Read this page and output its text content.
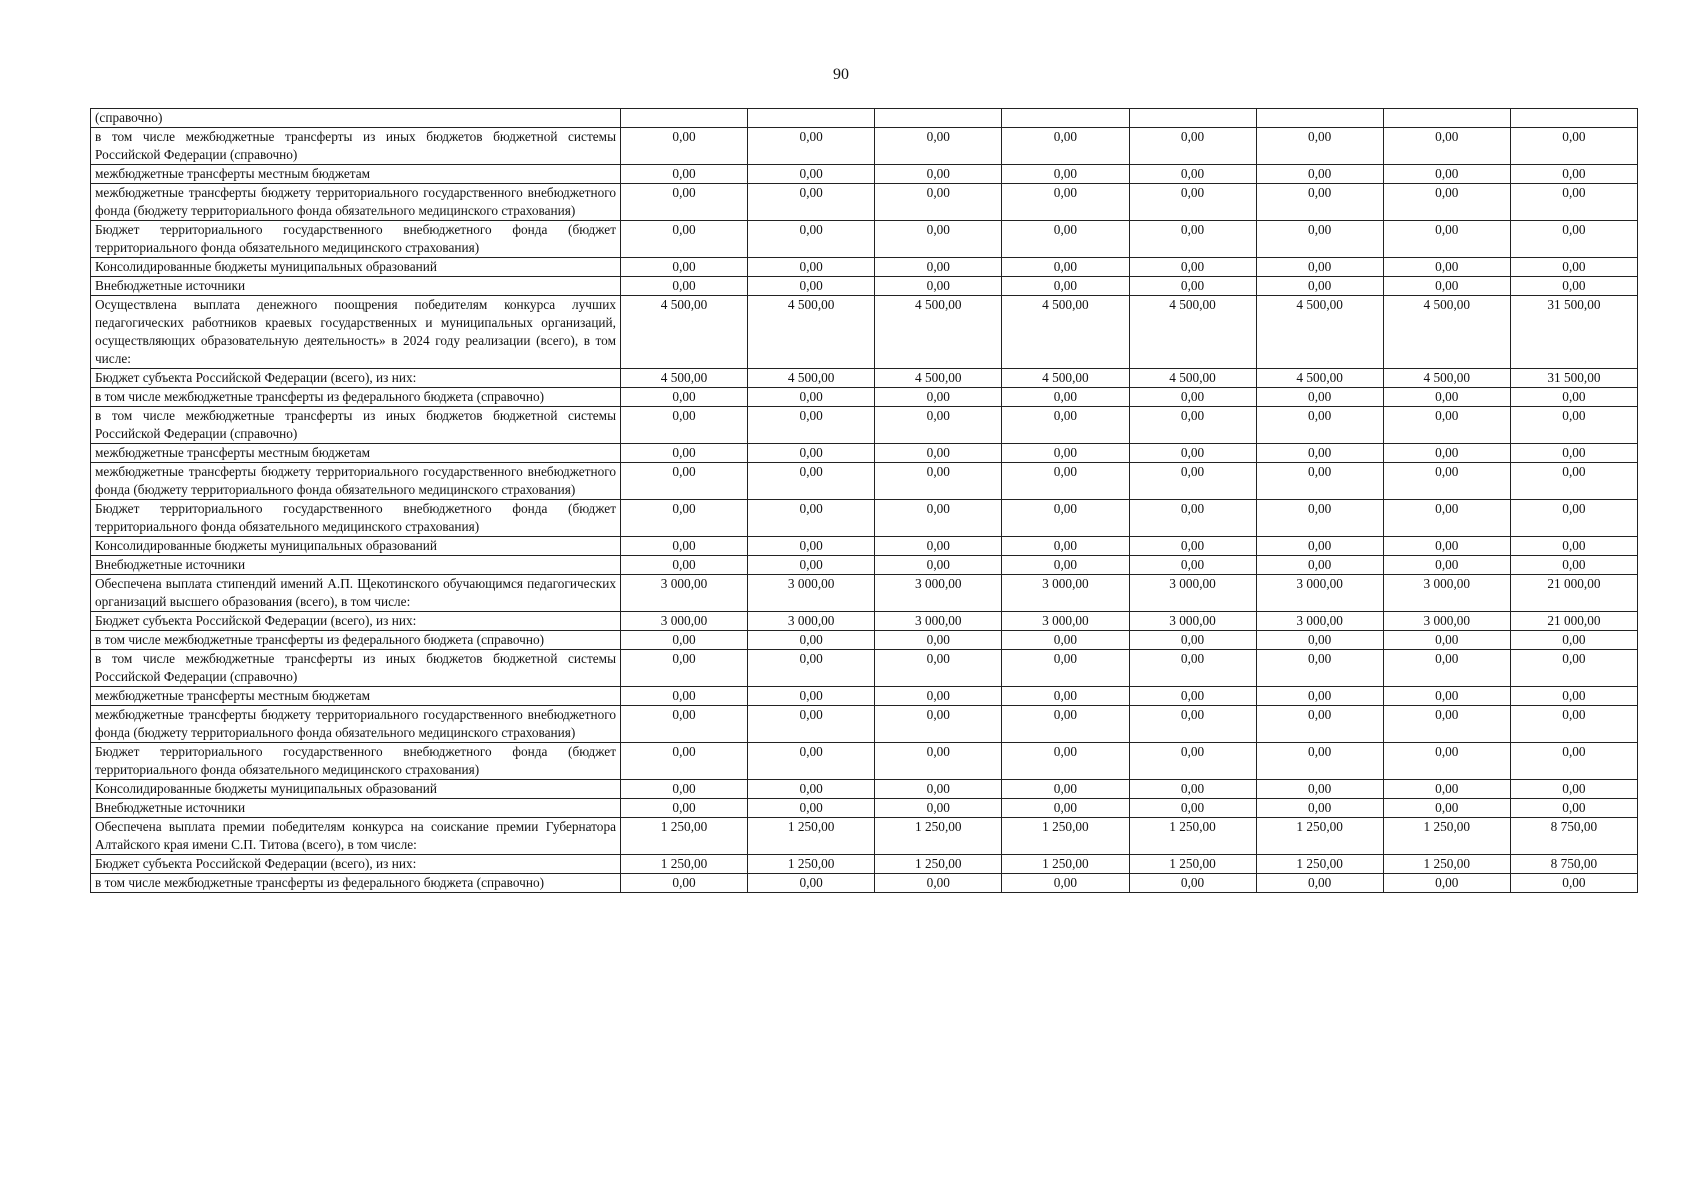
90
(справочно)								
в том числе межбюджетные трансферты из иных бюджетов бюджетной системы Российской Федерации (справочно)	0,00	0,00	0,00	0,00	0,00	0,00	0,00	0,00
межбюджетные трансферты местным бюджетам	0,00	0,00	0,00	0,00	0,00	0,00	0,00	0,00
межбюджетные трансферты бюджету территориального государственного внебюджетного фонда (бюджету территориального фонда обязательного медицинского страхования)	0,00	0,00	0,00	0,00	0,00	0,00	0,00	0,00
Бюджет территориального государственного внебюджетного фонда (бюджет территориального фонда обязательного медицинского страхования)	0,00	0,00	0,00	0,00	0,00	0,00	0,00	0,00
Консолидированные бюджеты муниципальных образований	0,00	0,00	0,00	0,00	0,00	0,00	0,00	0,00
Внебюджетные источники	0,00	0,00	0,00	0,00	0,00	0,00	0,00	0,00
Осуществлена выплата денежного поощрения победителям конкурса лучших педагогических работников краевых государственных и муниципальных организаций, осуществляющих образовательную деятельность» в 2024 году реализации (всего), в том числе:	4 500,00	4 500,00	4 500,00	4 500,00	4 500,00	4 500,00	4 500,00	31 500,00
Бюджет субъекта Российской Федерации (всего), из них:	4 500,00	4 500,00	4 500,00	4 500,00	4 500,00	4 500,00	4 500,00	31 500,00
в том числе межбюджетные трансферты из федерального бюджета (справочно)	0,00	0,00	0,00	0,00	0,00	0,00	0,00	0,00
в том числе межбюджетные трансферты из иных бюджетов бюджетной системы Российской Федерации (справочно)	0,00	0,00	0,00	0,00	0,00	0,00	0,00	0,00
межбюджетные трансферты местным бюджетам	0,00	0,00	0,00	0,00	0,00	0,00	0,00	0,00
межбюджетные трансферты бюджету территориального государственного внебюджетного фонда (бюджету территориального фонда обязательного медицинского страхования)	0,00	0,00	0,00	0,00	0,00	0,00	0,00	0,00
Бюджет территориального государственного внебюджетного фонда (бюджет территориального фонда обязательного медицинского страхования)	0,00	0,00	0,00	0,00	0,00	0,00	0,00	0,00
Консолидированные бюджеты муниципальных образований	0,00	0,00	0,00	0,00	0,00	0,00	0,00	0,00
Внебюджетные источники	0,00	0,00	0,00	0,00	0,00	0,00	0,00	0,00
Обеспечена выплата стипендий имений А.П. Щекотинского обучающимся педагогических организаций высшего образования (всего), в том числе:	3 000,00	3 000,00	3 000,00	3 000,00	3 000,00	3 000,00	3 000,00	21 000,00
Бюджет субъекта Российской Федерации (всего), из них:	3 000,00	3 000,00	3 000,00	3 000,00	3 000,00	3 000,00	3 000,00	21 000,00
в том числе межбюджетные трансферты из федерального бюджета (справочно)	0,00	0,00	0,00	0,00	0,00	0,00	0,00	0,00
в том числе межбюджетные трансферты из иных бюджетов бюджетной системы Российской Федерации (справочно)	0,00	0,00	0,00	0,00	0,00	0,00	0,00	0,00
межбюджетные трансферты местным бюджетам	0,00	0,00	0,00	0,00	0,00	0,00	0,00	0,00
межбюджетные трансферты бюджету территориального государственного внебюджетного фонда (бюджету территориального фонда обязательного медицинского страхования)	0,00	0,00	0,00	0,00	0,00	0,00	0,00	0,00
Бюджет территориального государственного внебюджетного фонда (бюджет территориального фонда обязательного медицинского страхования)	0,00	0,00	0,00	0,00	0,00	0,00	0,00	0,00
Консолидированные бюджеты муниципальных образований	0,00	0,00	0,00	0,00	0,00	0,00	0,00	0,00
Внебюджетные источники	0,00	0,00	0,00	0,00	0,00	0,00	0,00	0,00
Обеспечена выплата премии победителям конкурса на соискание премии Губернатора Алтайского края имени С.П. Титова (всего), в том числе:	1 250,00	1 250,00	1 250,00	1 250,00	1 250,00	1 250,00	1 250,00	8 750,00
Бюджет субъекта Российской Федерации (всего), из них:	1 250,00	1 250,00	1 250,00	1 250,00	1 250,00	1 250,00	1 250,00	8 750,00
в том числе межбюджетные трансферты из федерального бюджета (справочно)	0,00	0,00	0,00	0,00	0,00	0,00	0,00	0,00
